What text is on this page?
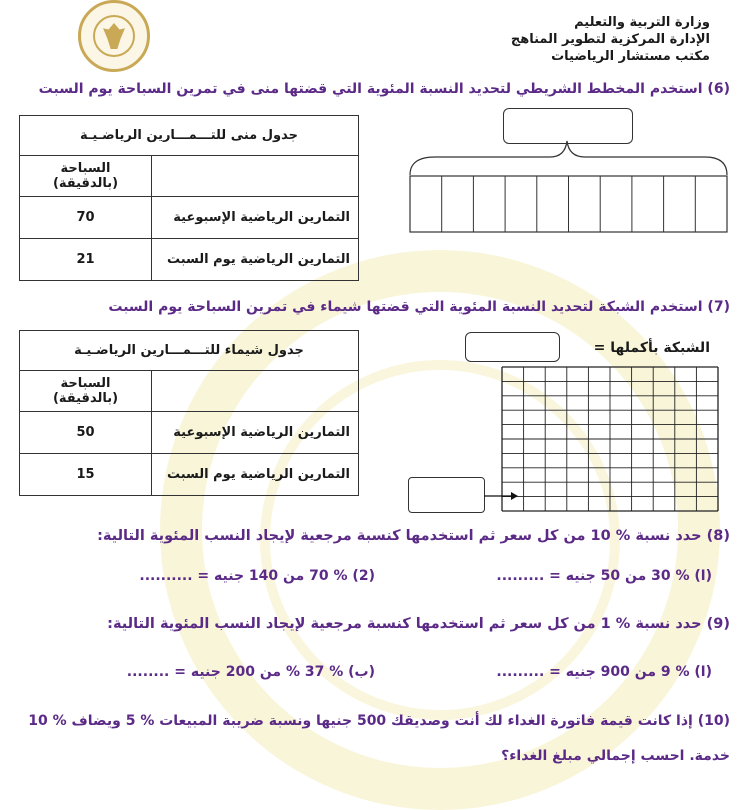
وزارة التربية والتعليم
الإدارة المركزية لتطوير المناهج
مكتب مستشار الرياضيات
(6) استخدم المخطط الشريطي لتحديد النسبة المئوية التي قضتها منى في تمرين السباحة يوم السبت
جدول منى للتـــمـــارين الرياضـيـة	
	السباحة (بالدقيقة)
التمارين الرياضية الإسبوعية	70
التمارين الرياضية يوم السبت	21
(7) استخدم الشبكة لتحديد النسبة المئوية التي قضتها شيماء في تمرين السباحة يوم السبت
جدول شيماء للتـــمـــارين الرياضـيـة	
	السباحة (بالدقيقة)
التمارين الرياضية الإسبوعية	50
التمارين الرياضية يوم السبت	15
الشبكة بأكملها =
(8) حدد نسبة % 10 من كل سعر ثم استخدمها كنسبة مرجعية لإيجاد النسب المئوية التالية:
(ا) % 30 من 50 جنيه = .........
(2) % 70 من 140 جنيه = ..........
(9) حدد نسبة % 1 من كل سعر ثم استخدمها كنسبة مرجعية لإيجاد النسب المئوية التالية:
(ا) % 9 من 900 جنيه = .........
(ب) % 37 % من 200 جنيه = ........
(10) إذا كانت قيمة فاتورة الغداء لك أنت وصديقك 500 جنيها ونسبة ضريبة المبيعات % 5 ويضاف % 10
خدمة. احسب إجمالي مبلغ الغداء؟
